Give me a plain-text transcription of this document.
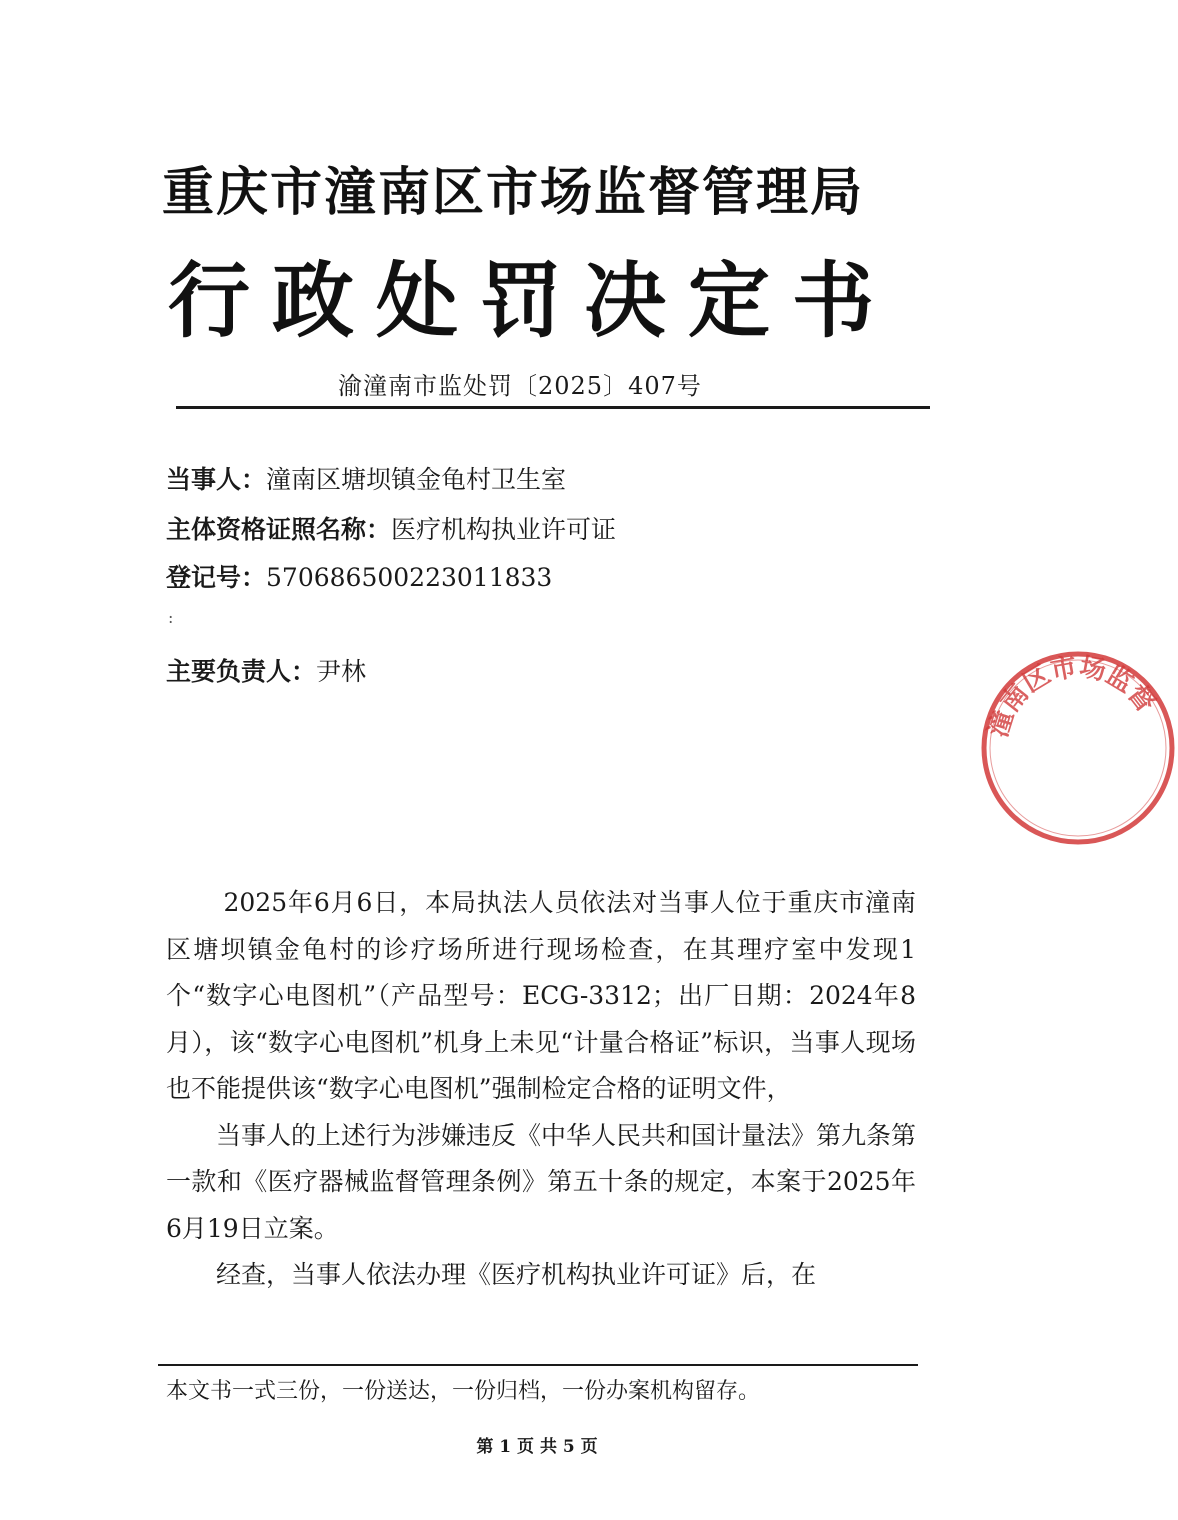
重庆市潼南区市场监督管理局
行政处罚决定书
渝潼南市监处罚〔2025〕407号
当事人：潼南区塘坝镇金龟村卫生室
主体资格证照名称：医疗机构执业许可证
登记号：570686500223011833
:
主要负责人：尹林
潼南区市场监督

2025年6月6日，本局执法人员依法对当事人位于重庆市潼南区塘坝镇金龟村的诊疗场所进行现场检查，在其理疗室中发现1个“数字心电图机”（产品型号：ECG-3312；出厂日期：2024年8月），该“数字心电图机”机身上未见“计量合格证”标识，当事人现场也不能提供该“数字心电图机”强制检定合格的证明文件，

当事人的上述行为涉嫌违反《中华人民共和国计量法》第九条第一款和《医疗器械监督管理条例》第五十条的规定，本案于2025年6月19日立案。

经查，当事人依法办理《医疗机构执业许可证》后，在

本文书一式三份，一份送达，一份归档，一份办案机构留存。
第 1 页 共 5 页
